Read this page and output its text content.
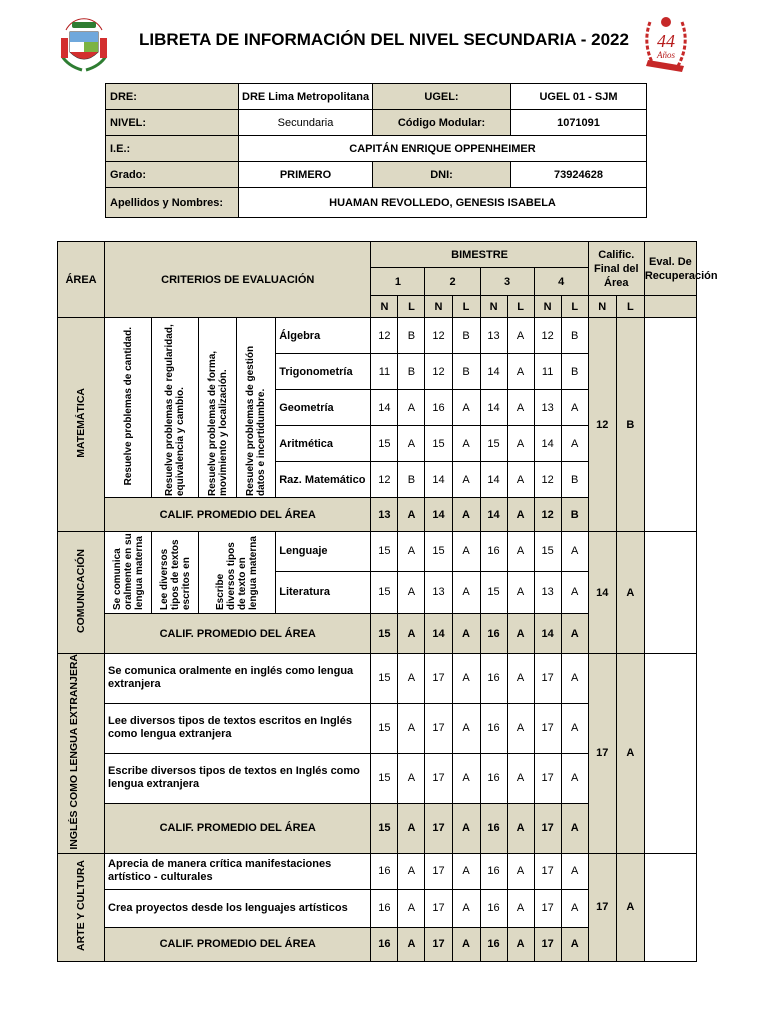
44
Años
LIBRETA DE INFORMACIÓN DEL NIVEL SECUNDARIA - 2022
DRE:	DRE Lima Metropolitana	UGEL:	UGEL 01 - SJM
NIVEL:	Secundaria	Código Modular:	1071091
I.E.:	CAPITÁN ENRIQUE OPPENHEIMER		
Grado:	PRIMERO	DNI:	73924628
Apellidos y Nombres:	HUAMAN REVOLLEDO, GENESIS ISABELA		
ÁREA	CRITERIOS DE EVALUACIÓN					BIMESTRE								Calific. Final del Área		Eval. De Recuperación
						1		2		3		4				
						N	L	N	L	N	L	N	L	N	L	
MATEMÁTICA	Resuelve problemas de cantidad.	Resuelve problemas de regularidad, equivalencia y cambio.	Resuelve problemas de forma, movimiento y localización.	Resuelve problemas de gestión datos e incertidumbre.	Álgebra	12	B	12	B	13	A	12	B	12	B	
					Trigonometría	11	B	12	B	14	A	11	B			
					Geometría	14	A	16	A	14	A	13	A			
					Aritmética	15	A	15	A	15	A	14	A			
					Raz. Matemático	12	B	14	A	14	A	12	B			
	CALIF. PROMEDIO DEL ÁREA					13	A	14	A	14	A	12	B			
COMUNICACIÓN	Se comunica oralmente en su lengua materna	Lee diversos tipos de textos escritos en	Escribe diversos tipos de texto en lengua materna		Lenguaje	15	A	15	A	16	A	15	A	14	A	
					Literatura	15	A	13	A	15	A	13	A			
	CALIF. PROMEDIO DEL ÁREA					15	A	14	A	16	A	14	A			
INGLÉS COMO LENGUA EXTRANJERA	Se comunica oralmente en inglés como lengua extranjera					15	A	17	A	16	A	17	A	17	A	
	Lee diversos tipos de textos escritos en Inglés como lengua extranjera					15	A	17	A	16	A	17	A			
	Escribe diversos tipos de textos en Inglés como lengua extranjera					15	A	17	A	16	A	17	A			
	CALIF. PROMEDIO DEL ÁREA					15	A	17	A	16	A	17	A			
ARTE Y CULTURA	Aprecia de manera crítica manifestaciones artístico - culturales					16	A	17	A	16	A	17	A	17	A	
	Crea proyectos desde los lenguajes artísticos					16	A	17	A	16	A	17	A			
	CALIF. PROMEDIO DEL ÁREA					16	A	17	A	16	A	17	A			
